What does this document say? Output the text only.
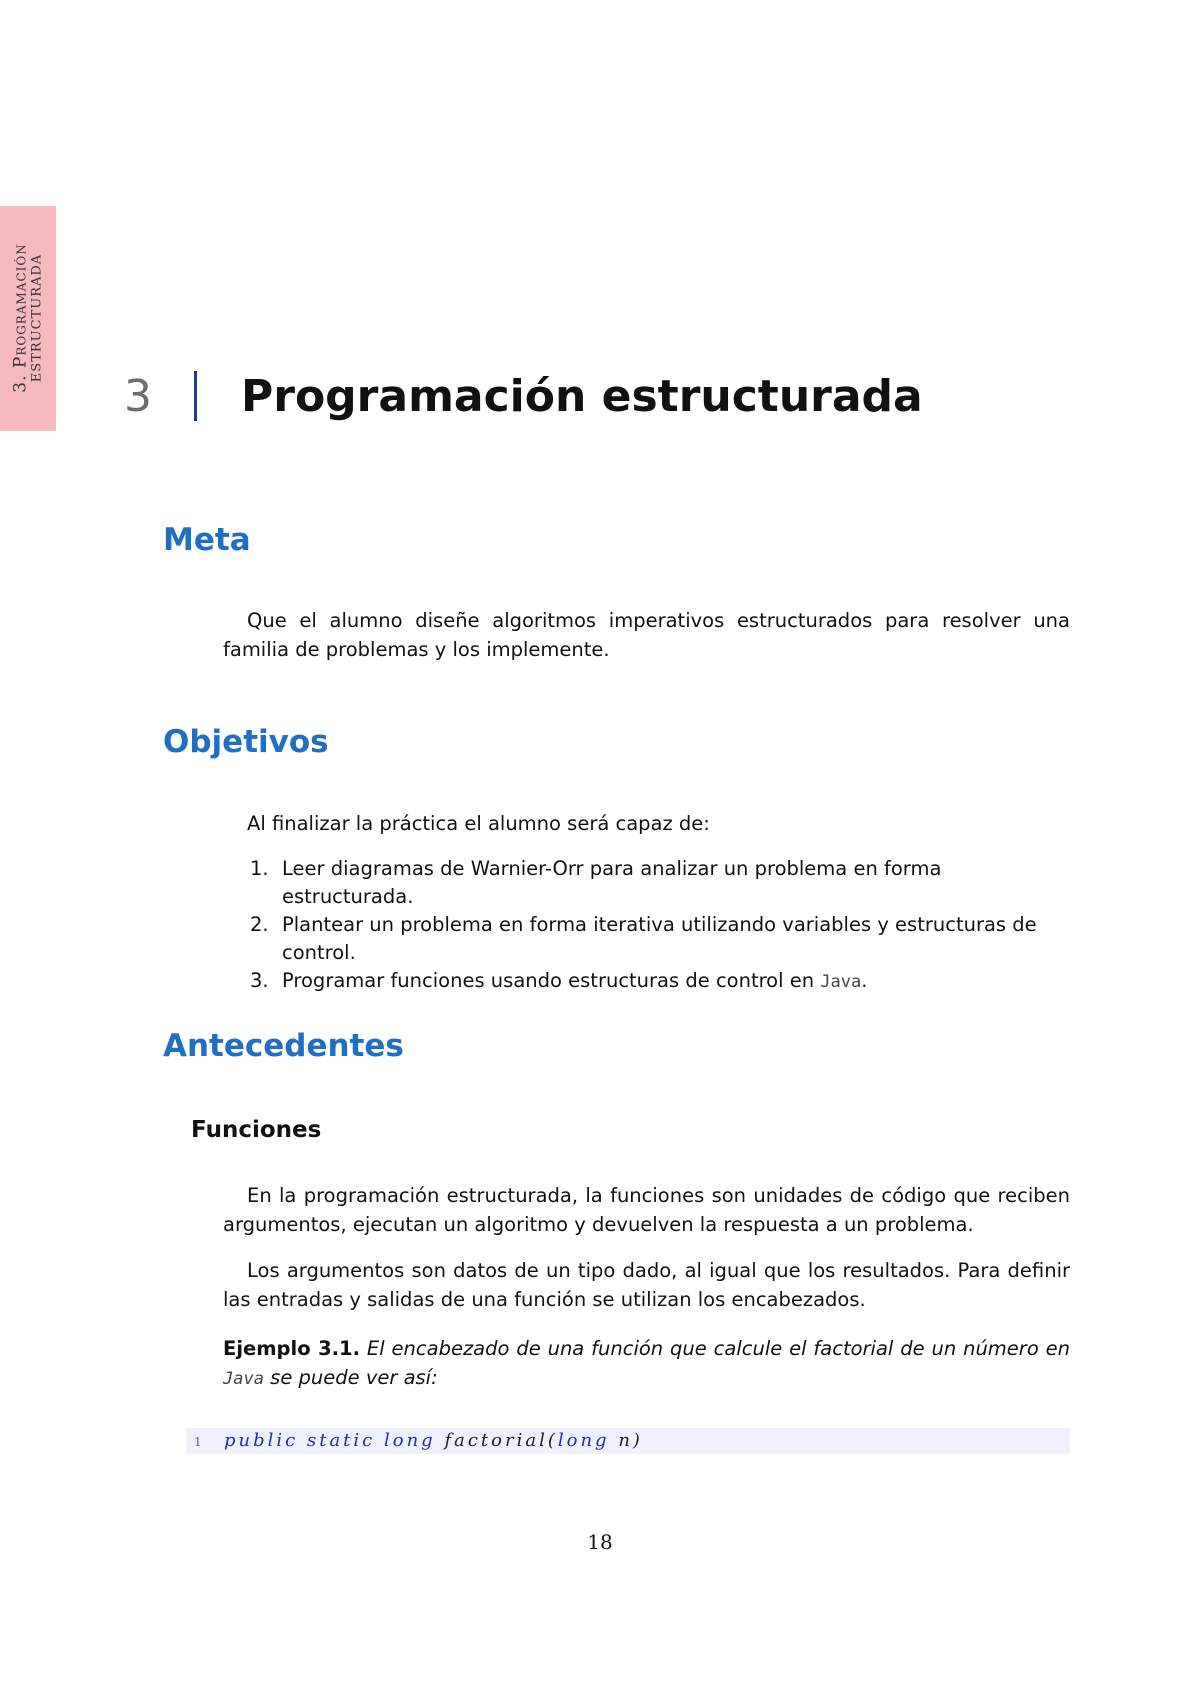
3. Programación
ESTRUCTURADA
3	Programación estructurada
Meta

Que el alumno diseñe algoritmos imperativos estructurados para resolver una familia de problemas y los implemente.

Objetivos

Al finalizar la práctica el alumno será capaz de:

1. Leer diagramas de Warnier-Orr para analizar un problema en forma estructurada.
2. Plantear un problema en forma iterativa utilizando variables y estructuras de control.
3. Programar funciones usando estructuras de control en Java.
Antecedentes
Funciones

En la programación estructurada, la funciones son unidades de código que reciben argumentos, ejecutan un algoritmo y devuelven la respuesta a un problema.

Los argumentos son datos de un tipo dado, al igual que los resultados. Para definir las entradas y salidas de una función se utilizan los encabezados.

Ejemplo 3.1. El encabezado de una función que calcule el factorial de un número en Java se puede ver así:

1 public static long factorial(long n)
18
